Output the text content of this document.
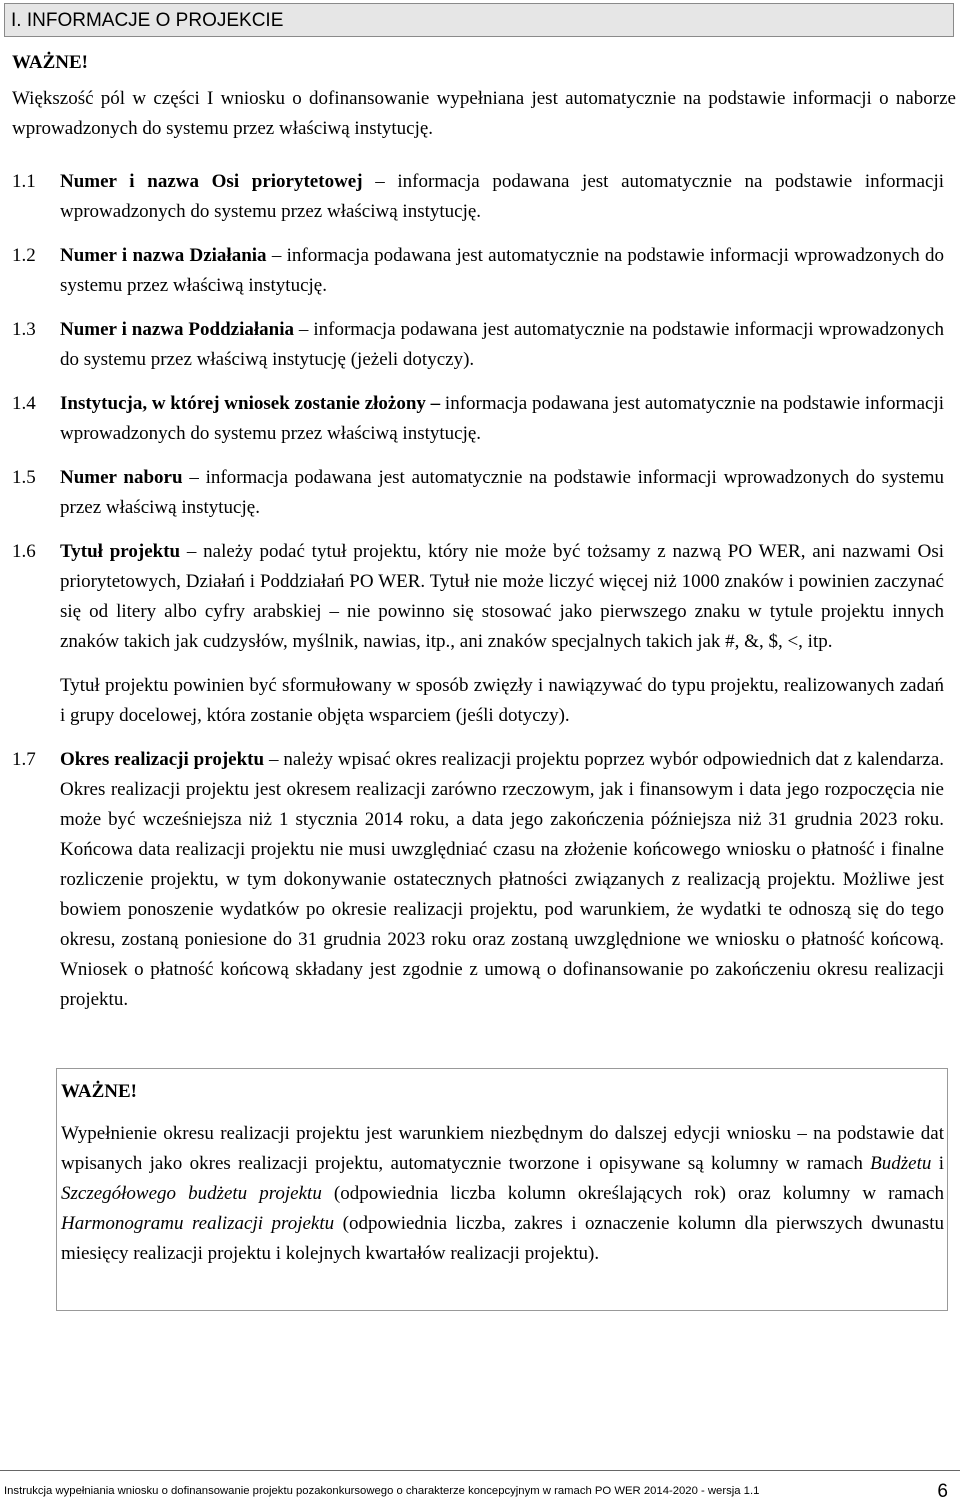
I. INFORMACJE O PROJEKCIE
WAŻNE!
Większość pól w części I wniosku o dofinansowanie wypełniana jest automatycznie na podstawie informacji o naborze wprowadzonych do systemu przez właściwą instytucję.
1.1	Numer i nazwa Osi priorytetowej – informacja podawana jest automatycznie na podstawie informacji wprowadzonych do systemu przez właściwą instytucję.

1.2	Numer i nazwa Działania – informacja podawana jest automatycznie na podstawie informacji wprowadzonych do systemu przez właściwą instytucję.

1.3	Numer i nazwa Poddziałania – informacja podawana jest automatycznie na podstawie informacji wprowadzonych do systemu przez właściwą instytucję (jeżeli dotyczy).

1.4	Instytucja, w której wniosek zostanie złożony – informacja podawana jest automatycznie na podstawie informacji wprowadzonych do systemu przez właściwą instytucję.

1.5	Numer naboru – informacja podawana jest automatycznie na podstawie informacji wprowadzonych do systemu przez właściwą instytucję.

1.6	Tytuł projektu – należy podać tytuł projektu, który nie może być tożsamy z nazwą PO WER, ani nazwami Osi priorytetowych, Działań i Poddziałań PO WER. Tytuł nie może liczyć więcej niż 1000 znaków i powinien zaczynać się od litery albo cyfry arabskiej – nie powinno się stosować jako pierwszego znaku w tytule projektu innych znaków takich jak cudzysłów, myślnik, nawias, itp., ani znaków specjalnych takich jak #, &, $, <, itp.

Tytuł projektu powinien być sformułowany w sposób zwięzły i nawiązywać do typu projektu, realizowanych zadań i grupy docelowej, która zostanie objęta wsparciem (jeśli dotyczy).

1.7	Okres realizacji projektu – należy wpisać okres realizacji projektu poprzez wybór odpowiednich dat z kalendarza. Okres realizacji projektu jest okresem realizacji zarówno rzeczowym, jak i finansowym i data jego rozpoczęcia nie może być wcześniejsza niż 1 stycznia 2014 roku, a data jego zakończenia późniejsza niż 31 grudnia 2023 roku. Końcowa data realizacji projektu nie musi uwzględniać czasu na złożenie końcowego wniosku o płatność i finalne rozliczenie projektu, w tym dokonywanie ostatecznych płatności związanych z realizacją projektu. Możliwe jest bowiem ponoszenie wydatków po okresie realizacji projektu, pod warunkiem, że wydatki te odnoszą się do tego okresu, zostaną poniesione do 31 grudnia 2023 roku oraz zostaną uwzględnione we wniosku o płatność końcową. Wniosek o płatność końcową składany jest zgodnie z umową o dofinansowanie po zakończeniu okresu realizacji projektu.

WAŻNE!
Wypełnienie okresu realizacji projektu jest warunkiem niezbędnym do dalszej edycji wniosku – na podstawie dat wpisanych jako okres realizacji projektu, automatycznie tworzone i opisywane są kolumny w ramach Budżetu i Szczegółowego budżetu projektu (odpowiednia liczba kolumn określających rok) oraz kolumny w ramach Harmonogramu realizacji projektu (odpowiednia liczba, zakres i oznaczenie kolumn dla pierwszych dwunastu miesięcy realizacji projektu i kolejnych kwartałów realizacji projektu).
Instrukcja wypełniania wniosku o dofinansowanie projektu pozakonkursowego o charakterze koncepcyjnym w ramach PO WER 2014-2020 - wersja 1.1	6
